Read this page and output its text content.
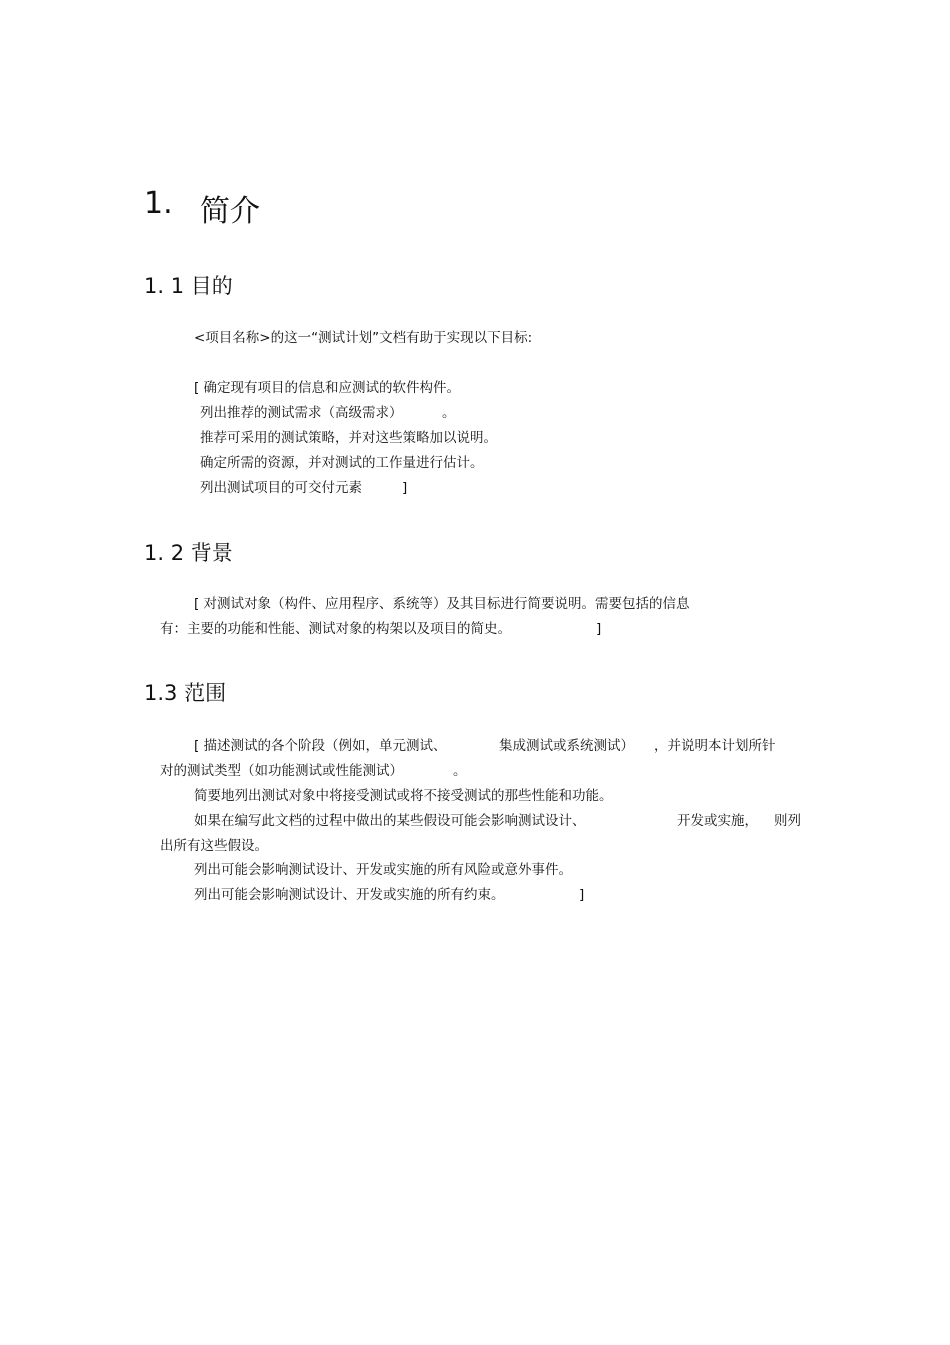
1. 简介
1. 1 目的
<项目名称>的这一“测试计划”文档有助于实现以下目标:
[ 确定现有项目的信息和应测试的软件构件。
列出推荐的测试需求（高级需求）	。
推荐可采用的测试策略，并对这些策略加以说明。
确定所需的资源，并对测试的工作量进行估计。
列出测试项目的可交付元素	]
1. 2 背景
[ 对测试对象（构件、应用程序、系统等）及其目标进行简要说明。需要包括的信息
有：主要的功能和性能、测试对象的构架以及项目的简史。	]
1.3 范围
[ 描述测试的各个阶段（例如，单元测试、	集成测试或系统测试） ，并说明本计划所针
对的测试类型（如功能测试或性能测试）	。
简要地列出测试对象中将接受测试或将不接受测试的那些性能和功能。
如果在编写此文档的过程中做出的某些假设可能会影响测试设计、	开发或实施， 则列
出所有这些假设。
列出可能会影响测试设计、开发或实施的所有风险或意外事件。
列出可能会影响测试设计、开发或实施的所有约束。	]
